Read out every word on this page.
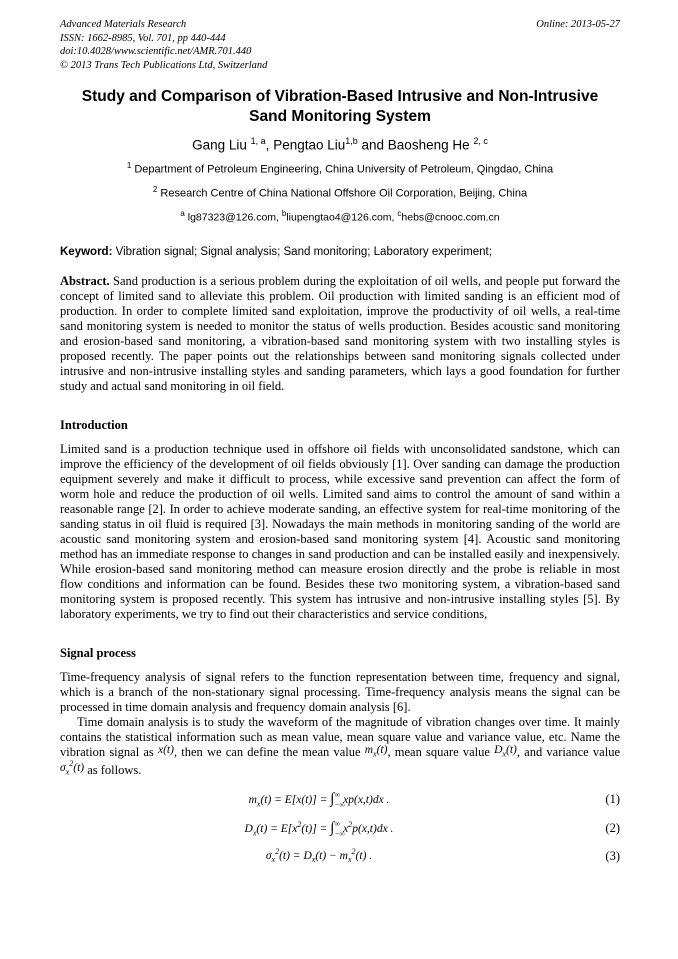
Advanced Materials Research	Online: 2013-05-27
ISSN: 1662-8985, Vol. 701, pp 440-444
doi:10.4028/www.scientific.net/AMR.701.440
© 2013 Trans Tech Publications Ltd, Switzerland
Study and Comparison of Vibration-Based Intrusive and Non-Intrusive Sand Monitoring System
Gang Liu $^{1, a}$, Pengtao Liu$^{1,b}$ and Baosheng He $^{2, c}$
$^1$ Department of Petroleum Engineering, China University of Petroleum, Qingdao, China
$^2$ Research Centre of China National Offshore Oil Corporation, Beijing, China
$^a$ lg87323@126.com, $^b$liupengtao4@126.com, $^c$hebs@cnooc.com.cn
Keyword: Vibration signal; Signal analysis; Sand monitoring; Laboratory experiment;

Abstract. Sand production is a serious problem during the exploitation of oil wells, and people put forward the concept of limited sand to alleviate this problem. Oil production with limited sanding is an efficient mod of production. In order to complete limited sand exploitation, improve the productivity of oil wells, a real-time sand monitoring system is needed to monitor the status of wells production. Besides acoustic sand monitoring and erosion-based sand monitoring, a vibration-based sand monitoring system with two installing styles is proposed recently. The paper points out the relationships between sand monitoring signals collected under intrusive and non-intrusive installing styles and sanding parameters, which lays a good foundation for further study and actual sand monitoring in oil field.

Introduction

Limited sand is a production technique used in offshore oil fields with unconsolidated sandstone, which can improve the efficiency of the development of oil fields obviously [1]. Over sanding can damage the production equipment severely and make it difficult to process, while excessive sand prevention can affect the form of worm hole and reduce the production of oil wells. Limited sand aims to control the amount of sand within a reasonable range [2]. In order to achieve moderate sanding, an effective system for real-time monitoring of the sanding status in oil fluid is required [3]. Nowadays the main methods in monitoring sanding of the world are acoustic sand monitoring system and erosion-based sand monitoring system [4]. Acoustic sand monitoring method has an immediate response to changes in sand production and can be installed easily and inexpensively. While erosion-based sand monitoring method can measure erosion directly and the probe is reliable in most flow conditions and information can be found. Besides these two monitoring system, a vibration-based sand monitoring system is proposed recently. This system has intrusive and non-intrusive installing styles [5]. By laboratory experiments, we try to find out their characteristics and service conditions,

Signal process

Time-frequency analysis of signal refers to the function representation between time, frequency and signal, which is a branch of the non-stationary signal processing. Time-frequency analysis means the signal can be processed in time domain analysis and frequency domain analysis [6].

Time domain analysis is to study the waveform of the magnitude of vibration changes over time. It mainly contains the statistical information such as mean value, mean square value and variance value, etc. Name the vibration signal as x(t), then we can define the mean value $m_x(t)$, mean square value $D_x(t)$, and variance value $\sigma_x^2(t)$ as follows.

$m_x(t) = E[x(t)] = \int_{-\infty}^\infty$ xp(x,t)dx .	(1)
$D_x(t) = E[x^2(t)] = \int_{-\infty}^\infty$ $x^2p(x,t)dx$ .	(2)
$\sigma_x^2(t) = D_x(t) - m_x^2(t)$ .	(3)
